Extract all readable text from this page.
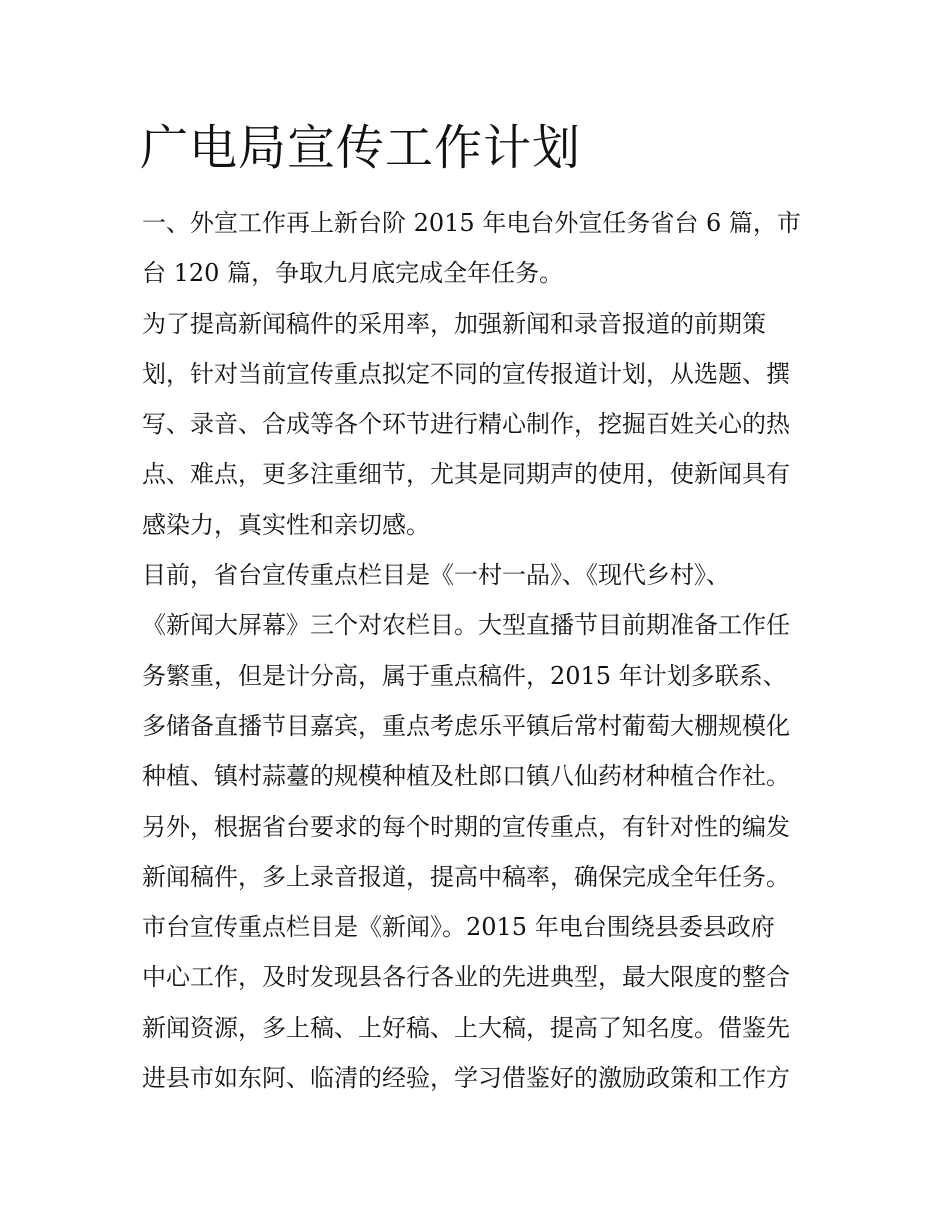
广电局宣传工作计划
一、外宣工作再上新台阶 2015 年电台外宣任务省台 6 篇，市
台 120 篇，争取九月底完成全年任务。
为了提高新闻稿件的采用率，加强新闻和录音报道的前期策
划，针对当前宣传重点拟定不同的宣传报道计划，从选题、撰
写、录音、合成等各个环节进行精心制作，挖掘百姓关心的热
点、难点，更多注重细节，尤其是同期声的使用，使新闻具有
感染力，真实性和亲切感。
目前，省台宣传重点栏目是《一村一品》、《现代乡村》、
《新闻大屏幕》三个对农栏目。大型直播节目前期准备工作任
务繁重，但是计分高，属于重点稿件，2015 年计划多联系、
多储备直播节目嘉宾，重点考虑乐平镇后常村葡萄大棚规模化
种植、镇村蒜薹的规模种植及杜郎口镇八仙药材种植合作社。
另外，根据省台要求的每个时期的宣传重点，有针对性的编发
新闻稿件，多上录音报道，提高中稿率，确保完成全年任务。
市台宣传重点栏目是《新闻》。2015 年电台围绕县委县政府
中心工作，及时发现县各行各业的先进典型，最大限度的整合
新闻资源，多上稿、上好稿、上大稿，提高了知名度。借鉴先
进县市如东阿、临清的经验，学习借鉴好的激励政策和工作方
